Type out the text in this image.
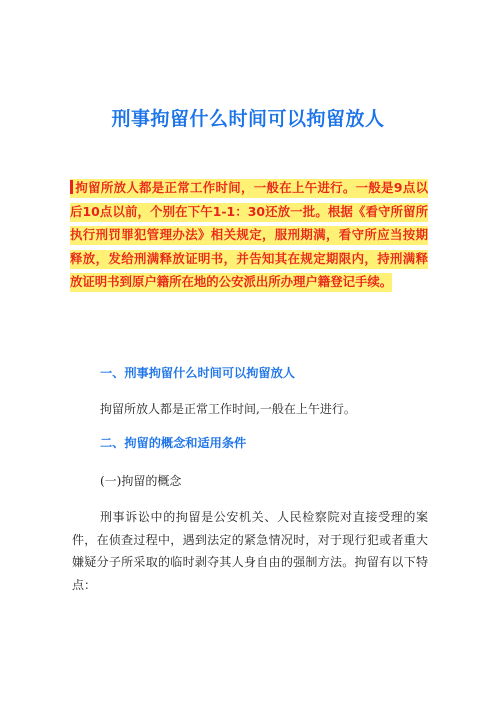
刑事拘留什么时间可以拘留放人

拘留所放人都是正常工作时间，一般在上午进行。一般是9点以后10点以前，个别在下午1-1：30还放一批。根据《看守所留所执行刑罚罪犯管理办法》相关规定，服刑期满，看守所应当按期释放，发给刑满释放证明书，并告知其在规定期限内，持刑满释放证明书到原户籍所在地的公安派出所办理户籍登记手续。

一、刑事拘留什么时间可以拘留放人

拘留所放人都是正常工作时间,一般在上午进行。

二、拘留的概念和适用条件

(一)拘留的概念

刑事诉讼中的拘留是公安机关、人民检察院对直接受理的案件，在侦查过程中，遇到法定的紧急情况时，对于现行犯或者重大嫌疑分子所采取的临时剥夺其人身自由的强制方法。拘留有以下特点：
